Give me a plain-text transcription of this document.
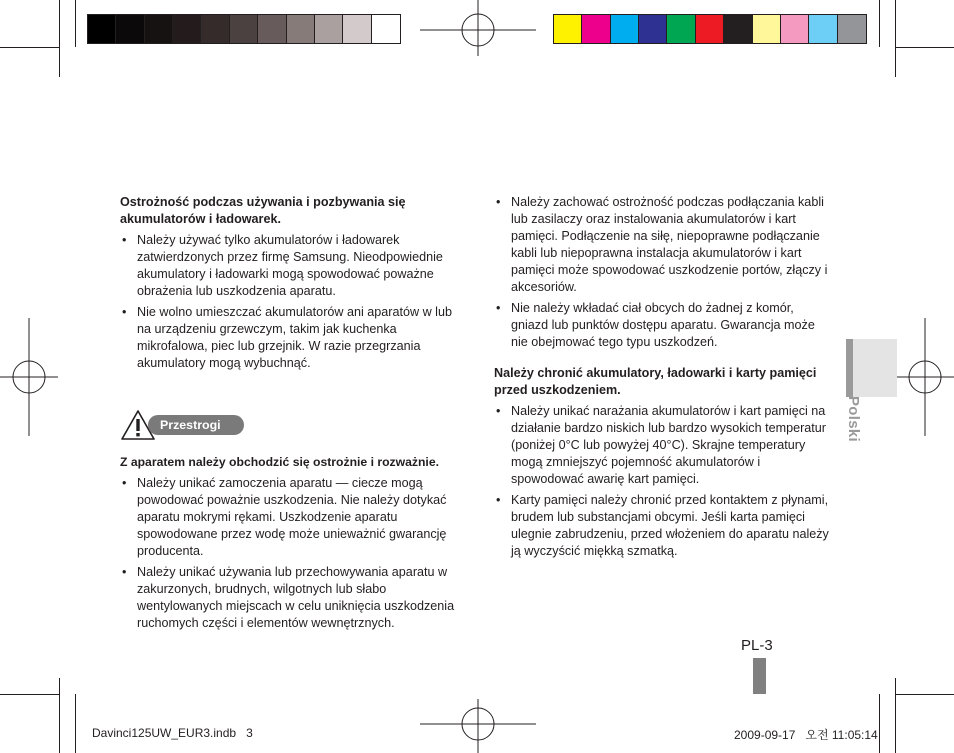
Ostrożność podczas używania i pozbywania się akumulatorów i ładowarek.
• Należy używać tylko akumulatorów i ładowarek zatwierdzonych przez firmę Samsung. Nieodpowiednie akumulatory i ładowarki mogą spowodować poważne obrażenia lub uszkodzenia aparatu.
• Nie wolno umieszczać akumulatorów ani aparatów w lub na urządzeniu grzewczym, takim jak kuchenka mikrofalowa, piec lub grzejnik. W razie przegrzania akumulatory mogą wybuchnąć.
Przestrogi
Z aparatem należy obchodzić się ostrożnie i rozważnie.
• Należy unikać zamoczenia aparatu — ciecze mogą powodować poważnie uszkodzenia. Nie należy dotykać aparatu mokrymi rękami. Uszkodzenie aparatu spowodowane przez wodę może unieważnić gwarancję producenta.
• Należy unikać używania lub przechowywania aparatu w zakurzonych, brudnych, wilgotnych lub słabo wentylowanych miejscach w celu uniknięcia uszkodzenia ruchomych części i elementów wewnętrznych.
• Należy zachować ostrożność podczas podłączania kabli lub zasilaczy oraz instalowania akumulatorów i kart pamięci. Podłączenie na siłę, niepoprawne podłączanie kabli lub niepoprawna instalacja akumulatorów i kart pamięci może spowodować uszkodzenie portów, złączy i akcesoriów.
• Nie należy wkładać ciał obcych do żadnej z komór, gniazd lub punktów dostępu aparatu. Gwarancja może nie obejmować tego typu uszkodzeń.
Należy chronić akumulatory, ładowarki i karty pamięci przed uszkodzeniem.
• Należy unikać narażania akumulatorów i kart pamięci na działanie bardzo niskich lub bardzo wysokich temperatur (poniżej 0°C lub powyżej 40°C). Skrajne temperatury mogą zmniejszyć pojemność akumulatorów i spowodować awarię kart pamięci.
• Karty pamięci należy chronić przed kontaktem z płynami, brudem lub substancjami obcymi. Jeśli karta pamięci ulegnie zabrudzeniu, przed włożeniem do aparatu należy ją wyczyścić miękką szmatką.
Polski
PL-3
Davinci125UW_EUR3.indb   3	2009-09-17   오전 11:05:14
